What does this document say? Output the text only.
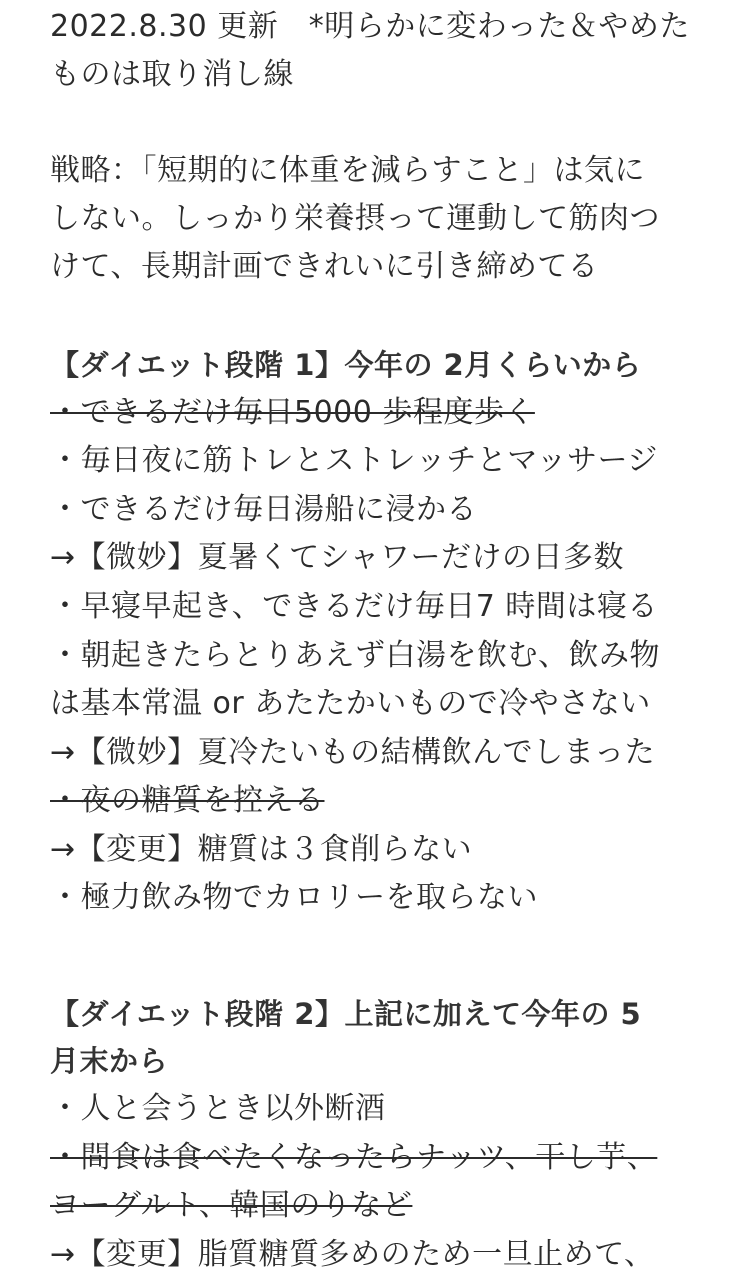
2022.8.30 更新　*明らかに変わった＆やめた
ものは取り消し線
戦略：「短期的に体重を減らすこと」は気に
しない。しっかり栄養摂って運動して筋肉つ
けて、長期計画できれいに引き締めてる
【ダイエット段階 1】今年の 2月くらいから
・できるだけ毎日5000 歩程度歩く
・毎日夜に筋トレとストレッチとマッサージ
・できるだけ毎日湯船に浸かる
→【微妙】夏暑くてシャワーだけの日多数
・早寝早起き、できるだけ毎日7 時間は寝る
・朝起きたらとりあえず白湯を飲む、飲み物
は基本常温 or あたたかいもので冷やさない
→【微妙】夏冷たいもの結構飲んでしまった
・夜の糖質を控える
→【変更】糖質は３食削らない
・極力飲み物でカロリーを取らない
【ダイエット段階 2】上記に加えて今年の 5
月末から
・人と会うとき以外断酒
・間食は食べたくなったらナッツ、干し芋、
ヨーグルト、韓国のりなど
→【変更】脂質糖質多めのため一旦止めて、
